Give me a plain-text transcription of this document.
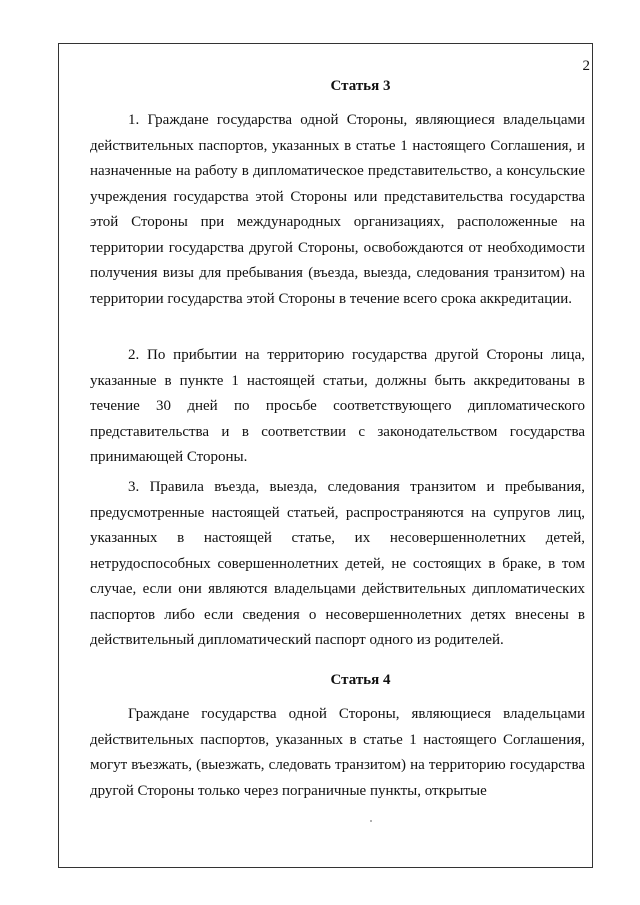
2
Статья 3

1. Граждане государства одной Стороны, являющиеся владельцами действительных паспортов, указанных в статье 1 настоящего Соглашения, и назначенные на работу в дипломатическое представительство, а консульские учреждения государства этой Стороны или представительства государства этой Стороны при международных организациях, расположенные на территории государства другой Стороны, освобождаются от необходимости получения визы для пребывания (въезда, выезда, следования транзитом) на территории государства этой Стороны в течение всего срока аккредитации.

2. По прибытии на территорию государства другой Стороны лица, указанные в пункте 1 настоящей статьи, должны быть аккредитованы в течение 30 дней по просьбе соответствующего дипломатического представительства и в соответствии с законодательством государства принимающей Стороны.

3. Правила въезда, выезда, следования транзитом и пребывания, предусмотренные настоящей статьей, распространяются на супругов лиц, указанных в настоящей статье, их несовершеннолетних детей, нетрудоспособных совершеннолетних детей, не состоящих в браке, в том случае, если они являются владельцами действительных дипломатических паспортов либо если сведения о несовершеннолетних детях внесены в действительный дипломатический паспорт одного из родителей.

Статья 4

Граждане государства одной Стороны, являющиеся владельцами действительных паспортов, указанных в статье 1 настоящего Соглашения, могут въезжать, (выезжать, следовать транзитом) на территорию государства другой Стороны только через пограничные пункты, открытые
